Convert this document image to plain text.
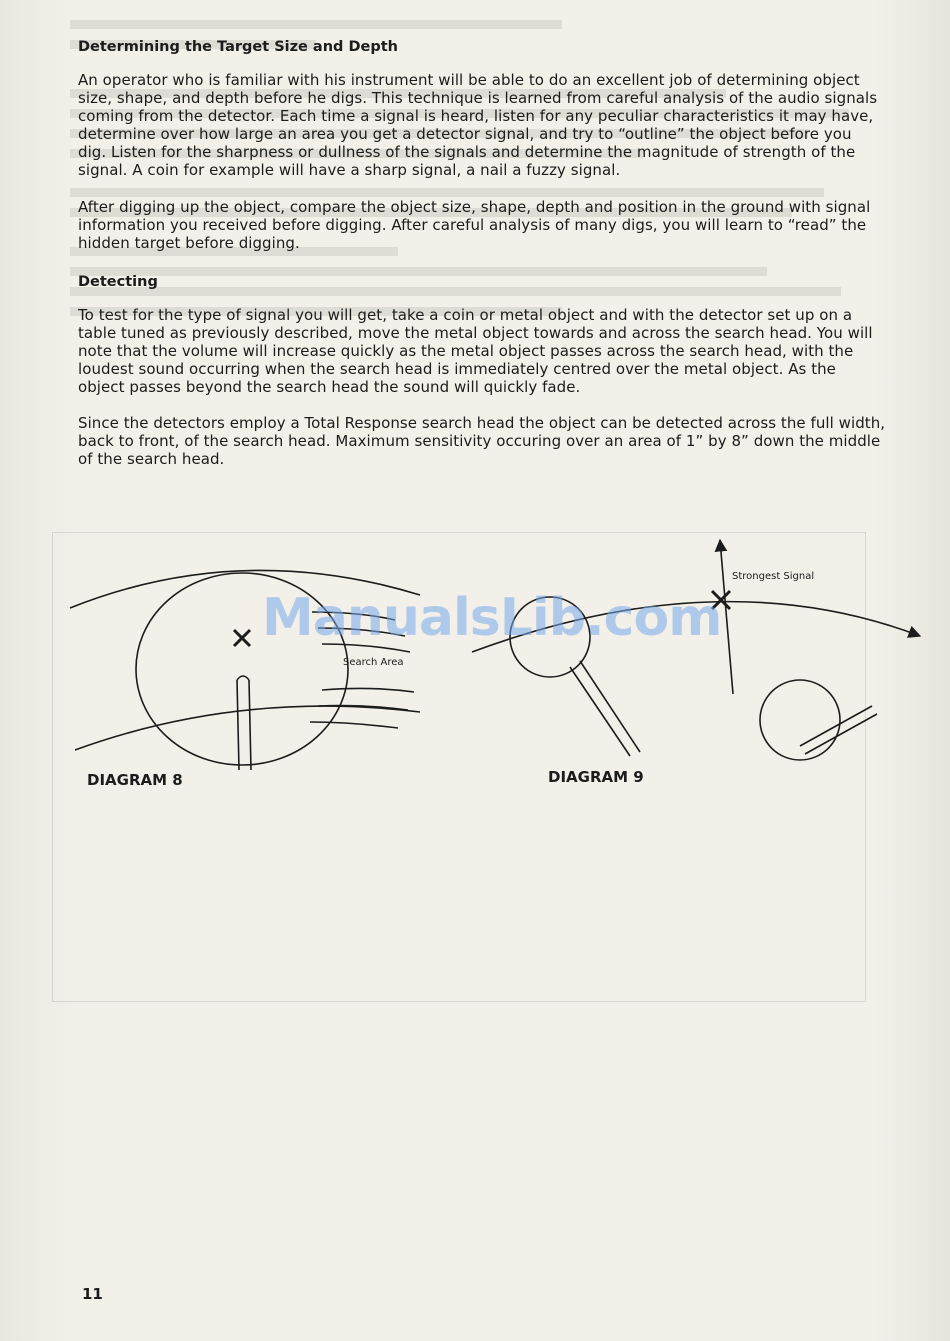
Determining the Target Size and Depth

An operator who is familiar with his instrument will be able to do an excellent job of determining object size, shape, and depth before he digs. This technique is learned from careful analysis of the audio signals coming from the detector. Each time a signal is heard, listen for any peculiar characteristics it may have, determine over how large an area you get a detector signal, and try to “outline” the object before you dig. Listen for the sharpness or dullness of the signals and determine the magnitude of strength of the signal. A coin for example will have a sharp signal, a nail a fuzzy signal.

After digging up the object, compare the object size, shape, depth and position in the ground with signal information you received before digging. After careful analysis of many digs, you will learn to “read” the hidden target before digging.

Detecting

To test for the type of signal you will get, take a coin or metal object and with the detector set up on a table tuned as previously described, move the metal object towards and across the search head. You will note that the volume will increase quickly as the metal object passes across the search head, with the loudest sound occurring when the search head is immediately centred over the metal object. As the object passes beyond the search head the sound will quickly fade.

Since the detectors employ a Total Response search head the object can be detected across the full width, back to front, of the search head. Maximum sensitivity occuring over an area of 1” by 8” down the middle of the search head.

Search Area
Strongest Signal
DIAGRAM 8	DIAGRAM 9
ManualsLib.com
11
